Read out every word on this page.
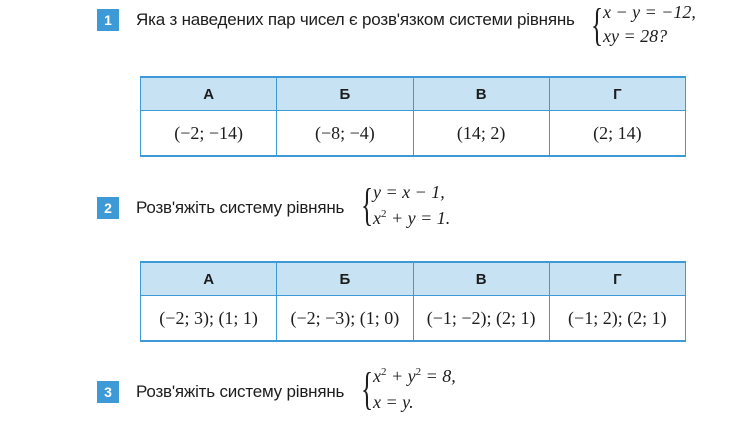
1	Яка з наведених пар чисел є розв'язком системи рівнянь { x − y = −12,
xy = 28?
А	Б	В	Г
(−2; −14)	(−8; −4)	(14; 2)	(2; 14)
2	Розв'яжіть систему рівнянь { y = x − 1,
$x^2 + y = 1$.
А	Б	В	Г
(−2; 3); (1; 1)	(−2; −3); (1; 0)	(−1; −2); (2; 1)	(−1; 2); (2; 1)
3	Розв'яжіть систему рівнянь { $x^2 + y^2 = 8$,
x = y.
